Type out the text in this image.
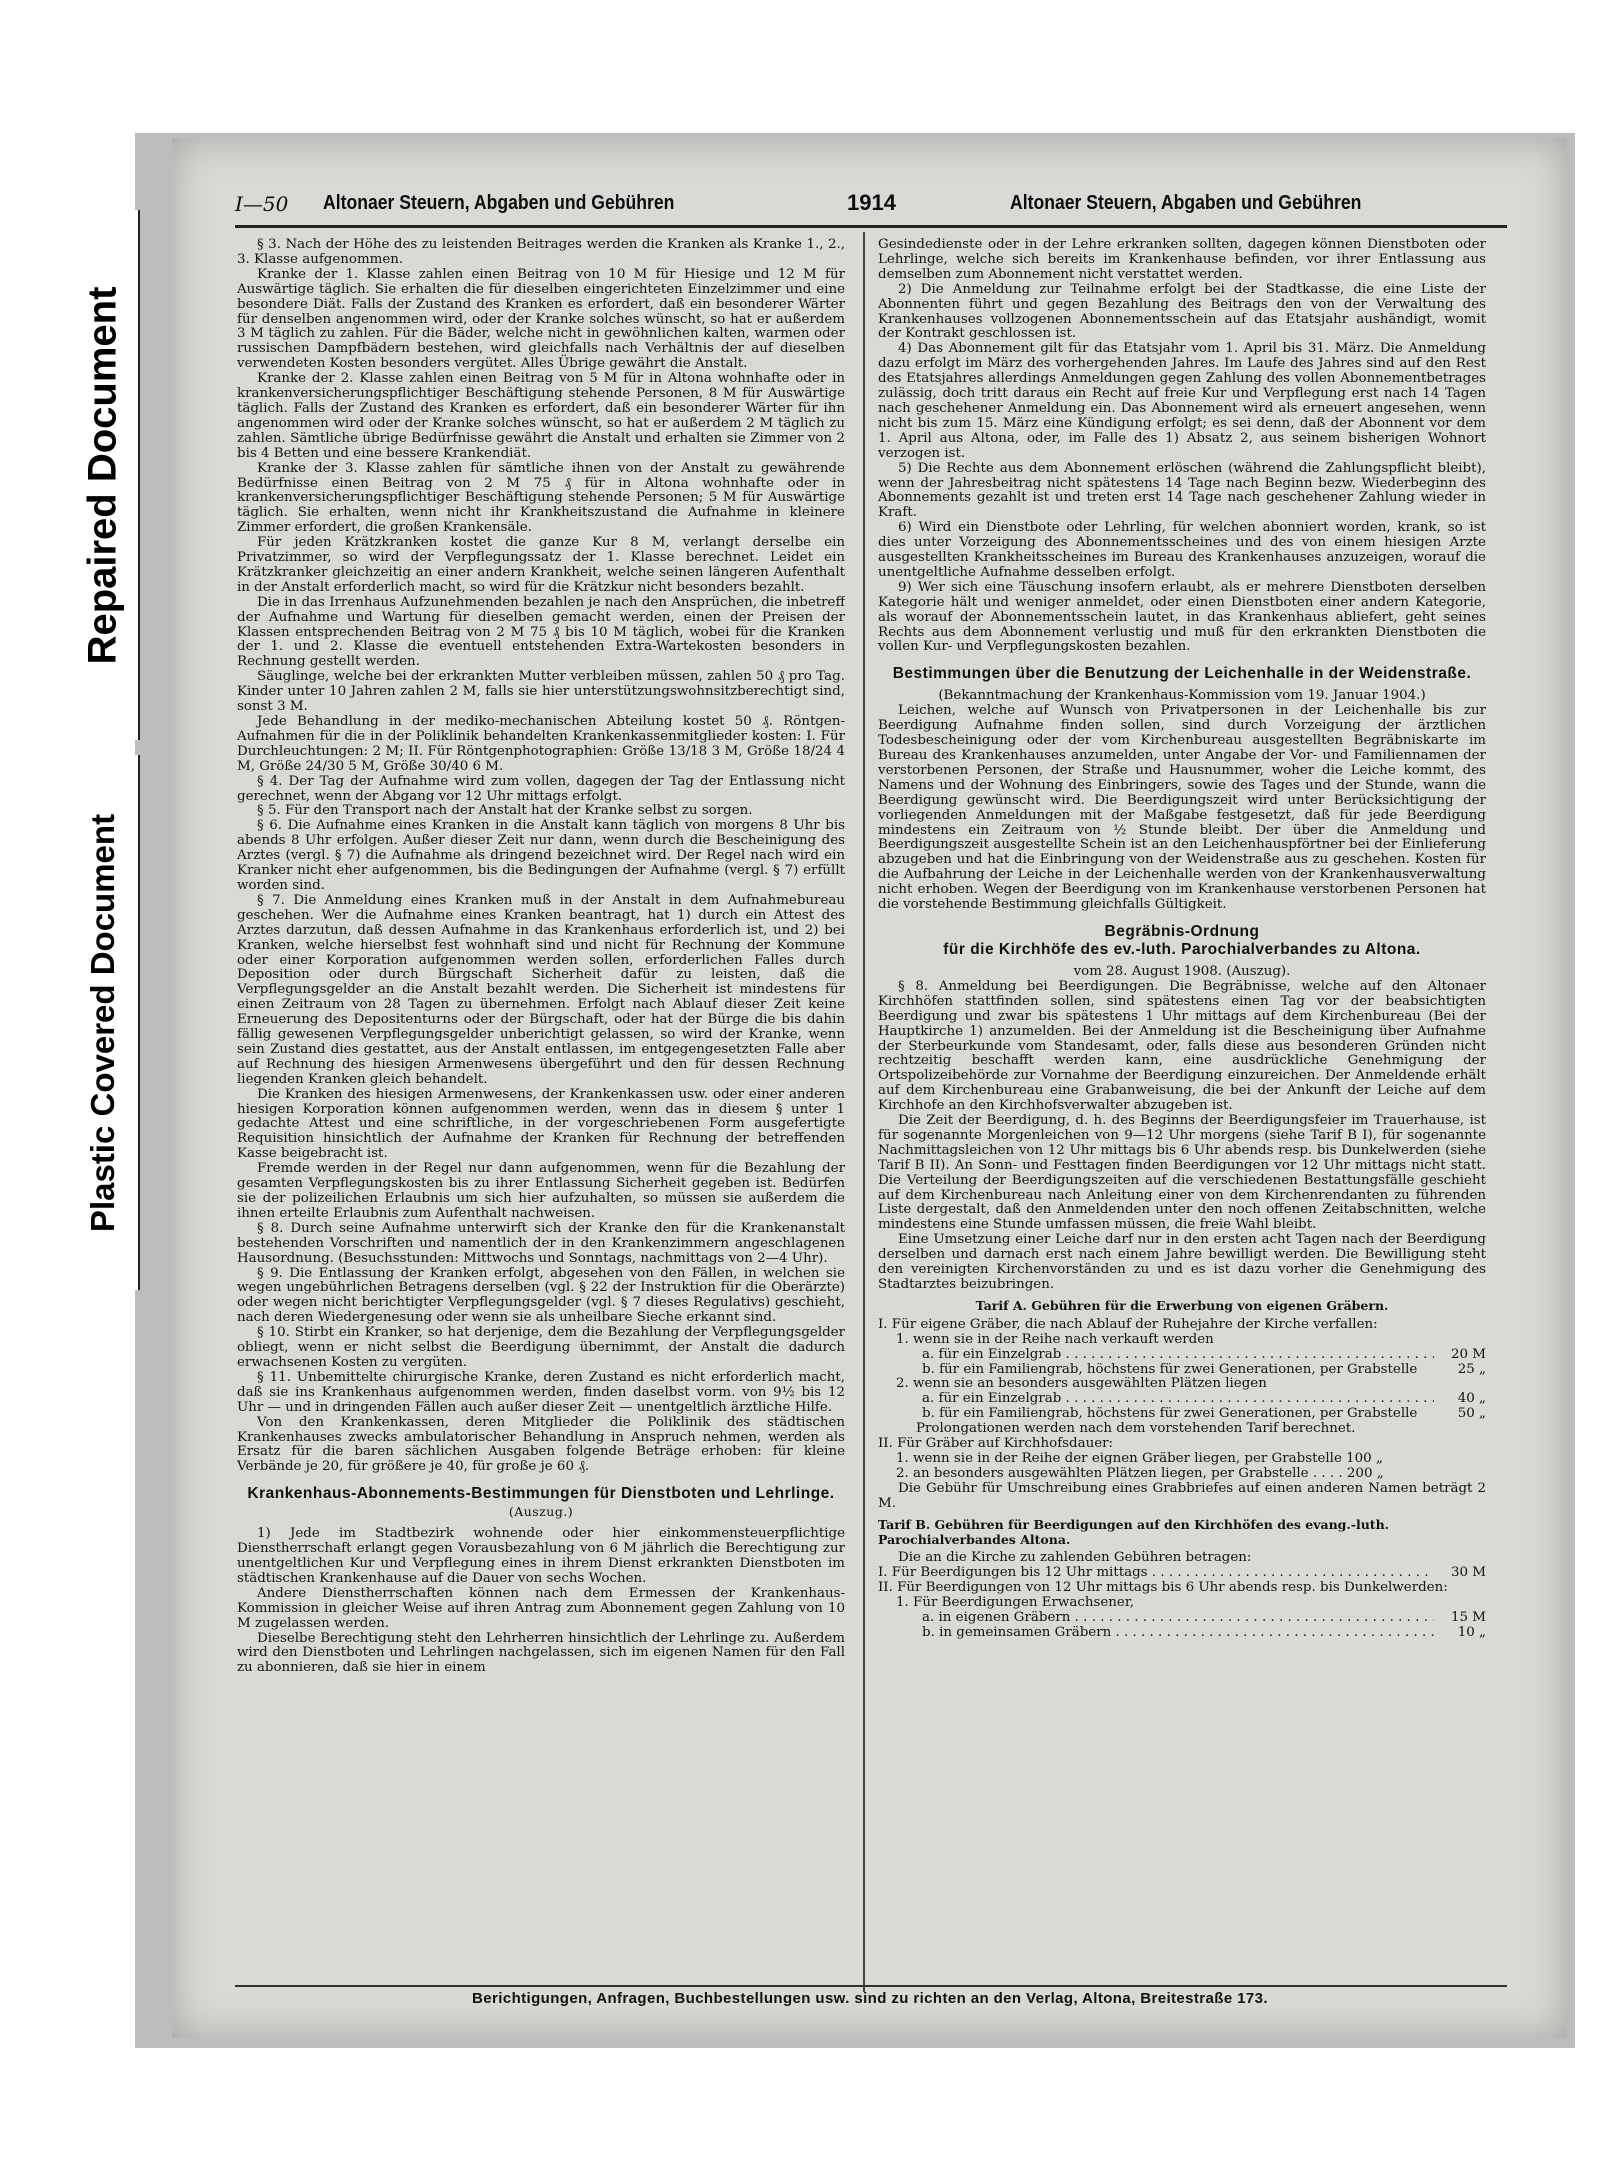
Repaired Document
Plastic Covered Document
I—50 Altonaer Steuern, Abgaben und Gebühren	1914	Altonaer Steuern, Abgaben und Gebühren

§ 3. Nach der Höhe des zu leistenden Beitrages werden die Kranken als Kranke 1., 2., 3. Klasse aufgenommen.

Kranke der 1. Klasse zahlen einen Beitrag von 10 M für Hiesige und 12 M für Auswärtige täglich. Sie erhalten die für dieselben eingerichteten Einzelzimmer und eine besondere Diät. Falls der Zustand des Kranken es erfordert, daß ein besonderer Wärter für denselben angenommen wird, oder der Kranke solches wünscht, so hat er außerdem 3 M täglich zu zahlen. Für die Bäder, welche nicht in gewöhnlichen kalten, warmen oder russischen Dampfbädern bestehen, wird gleichfalls nach Verhältnis der auf dieselben verwendeten Kosten besonders vergütet. Alles Übrige gewährt die Anstalt.

Kranke der 2. Klasse zahlen einen Beitrag von 5 M für in Altona wohnhafte oder in krankenversicherungspflichtiger Beschäftigung stehende Personen, 8 M für Auswärtige täglich. Falls der Zustand des Kranken es erfordert, daß ein besonderer Wärter für ihn angenommen wird oder der Kranke solches wünscht, so hat er außerdem 2 M täglich zu zahlen. Sämtliche übrige Bedürfnisse gewährt die Anstalt und erhalten sie Zimmer von 2 bis 4 Betten und eine bessere Krankendiät.

Kranke der 3. Klasse zahlen für sämtliche ihnen von der Anstalt zu gewährende Bedürfnisse einen Beitrag von 2 M 75 ₰ für in Altona wohnhafte oder in krankenversicherungspflichtiger Beschäftigung stehende Personen; 5 M für Auswärtige täglich. Sie erhalten, wenn nicht ihr Krankheitszustand die Aufnahme in kleinere Zimmer erfordert, die großen Krankensäle.

Für jeden Krätzkranken kostet die ganze Kur 8 M, verlangt derselbe ein Privatzimmer, so wird der Verpflegungssatz der 1. Klasse berechnet. Leidet ein Krätzkranker gleichzeitig an einer andern Krankheit, welche seinen längeren Aufenthalt in der Anstalt erforderlich macht, so wird für die Krätzkur nicht besonders bezahlt.

Die in das Irrenhaus Aufzunehmenden bezahlen je nach den Ansprüchen, die inbetreff der Aufnahme und Wartung für dieselben gemacht werden, einen der Preisen der Klassen entsprechenden Beitrag von 2 M 75 ₰ bis 10 M täglich, wobei für die Kranken der 1. und 2. Klasse die eventuell entstehenden Extra-Wartekosten besonders in Rechnung gestellt werden.

Säuglinge, welche bei der erkrankten Mutter verbleiben müssen, zahlen 50 ₰ pro Tag. Kinder unter 10 Jahren zahlen 2 M, falls sie hier unterstützungswohnsitzberechtigt sind, sonst 3 M.

Jede Behandlung in der mediko-mechanischen Abteilung kostet 50 ₰. Röntgen-Aufnahmen für die in der Poliklinik behandelten Krankenkassenmitglieder kosten: I. Für Durchleuchtungen: 2 M; II. Für Röntgenphotographien: Größe 13/18 3 M, Größe 18/24 4 M, Größe 24/30 5 M, Größe 30/40 6 M.

§ 4. Der Tag der Aufnahme wird zum vollen, dagegen der Tag der Entlassung nicht gerechnet, wenn der Abgang vor 12 Uhr mittags erfolgt.

§ 5. Für den Transport nach der Anstalt hat der Kranke selbst zu sorgen.

§ 6. Die Aufnahme eines Kranken in die Anstalt kann täglich von morgens 8 Uhr bis abends 8 Uhr erfolgen. Außer dieser Zeit nur dann, wenn durch die Bescheinigung des Arztes (vergl. § 7) die Aufnahme als dringend bezeichnet wird. Der Regel nach wird ein Kranker nicht eher aufgenommen, bis die Bedingungen der Aufnahme (vergl. § 7) erfüllt worden sind.

§ 7. Die Anmeldung eines Kranken muß in der Anstalt in dem Aufnahmebureau geschehen. Wer die Aufnahme eines Kranken beantragt, hat 1) durch ein Attest des Arztes darzutun, daß dessen Aufnahme in das Krankenhaus erforderlich ist, und 2) bei Kranken, welche hierselbst fest wohnhaft sind und nicht für Rechnung der Kommune oder einer Korporation aufgenommen werden sollen, erforderlichen Falles durch Deposition oder durch Bürgschaft Sicherheit dafür zu leisten, daß die Verpflegungsgelder an die Anstalt bezahlt werden. Die Sicherheit ist mindestens für einen Zeitraum von 28 Tagen zu übernehmen. Erfolgt nach Ablauf dieser Zeit keine Erneuerung des Depositenturns oder der Bürgschaft, oder hat der Bürge die bis dahin fällig gewesenen Verpflegungsgelder unberichtigt gelassen, so wird der Kranke, wenn sein Zustand dies gestattet, aus der Anstalt entlassen, im entgegengesetzten Falle aber auf Rechnung des hiesigen Armenwesens übergeführt und den für dessen Rechnung liegenden Kranken gleich behandelt.

Die Kranken des hiesigen Armenwesens, der Krankenkassen usw. oder einer anderen hiesigen Korporation können aufgenommen werden, wenn das in diesem § unter 1 gedachte Attest und eine schriftliche, in der vorgeschriebenen Form ausgefertigte Requisition hinsichtlich der Aufnahme der Kranken für Rechnung der betreffenden Kasse beigebracht ist.

Fremde werden in der Regel nur dann aufgenommen, wenn für die Bezahlung der gesamten Verpflegungskosten bis zu ihrer Entlassung Sicherheit gegeben ist. Bedürfen sie der polizeilichen Erlaubnis um sich hier aufzuhalten, so müssen sie außerdem die ihnen erteilte Erlaubnis zum Aufenthalt nachweisen.

§ 8. Durch seine Aufnahme unterwirft sich der Kranke den für die Krankenanstalt bestehenden Vorschriften und namentlich der in den Krankenzimmern angeschlagenen Hausordnung. (Besuchsstunden: Mittwochs und Sonntags, nachmittags von 2—4 Uhr).

§ 9. Die Entlassung der Kranken erfolgt, abgesehen von den Fällen, in welchen sie wegen ungebührlichen Betragens derselben (vgl. § 22 der Instruktion für die Oberärzte) oder wegen nicht berichtigter Verpflegungsgelder (vgl. § 7 dieses Regulativs) geschieht, nach deren Wiedergenesung oder wenn sie als unheilbare Sieche erkannt sind.

§ 10. Stirbt ein Kranker, so hat derjenige, dem die Bezahlung der Verpflegungsgelder obliegt, wenn er nicht selbst die Beerdigung übernimmt, der Anstalt die dadurch erwachsenen Kosten zu vergüten.

§ 11. Unbemittelte chirurgische Kranke, deren Zustand es nicht erforderlich macht, daß sie ins Krankenhaus aufgenommen werden, finden daselbst vorm. von 9½ bis 12 Uhr — und in dringenden Fällen auch außer dieser Zeit — unentgeltlich ärztliche Hilfe.

Von den Krankenkassen, deren Mitglieder die Poliklinik des städtischen Krankenhauses zwecks ambulatorischer Behandlung in Anspruch nehmen, werden als Ersatz für die baren sächlichen Ausgaben folgende Beträge erhoben: für kleine Verbände je 20, für größere je 40, für große je 60 ₰.

Krankenhaus-Abonnements-Bestimmungen für Dienstboten und Lehrlinge. (Auszug.)

1) Jede im Stadtbezirk wohnende oder hier einkommensteuerpflichtige Dienstherrschaft erlangt gegen Vorausbezahlung von 6 M jährlich die Berechtigung zur unentgeltlichen Kur und Verpflegung eines in ihrem Dienst erkrankten Dienstboten im städtischen Krankenhause auf die Dauer von sechs Wochen.

Andere Dienstherrschaften können nach dem Ermessen der Krankenhaus-Kommission in gleicher Weise auf ihren Antrag zum Abonnement gegen Zahlung von 10 M zugelassen werden.

Dieselbe Berechtigung steht den Lehrherren hinsichtlich der Lehrlinge zu. Außerdem wird den Dienstboten und Lehrlingen nachgelassen, sich im eigenen Namen für den Fall zu abonnieren, daß sie hier in einem

Gesindedienste oder in der Lehre erkranken sollten, dagegen können Dienstboten oder Lehrlinge, welche sich bereits im Krankenhause befinden, vor ihrer Entlassung aus demselben zum Abonnement nicht verstattet werden.

2) Die Anmeldung zur Teilnahme erfolgt bei der Stadtkasse, die eine Liste der Abonnenten führt und gegen Bezahlung des Beitrags den von der Verwaltung des Krankenhauses vollzogenen Abonnementsschein auf das Etatsjahr aushändigt, womit der Kontrakt geschlossen ist.

4) Das Abonnement gilt für das Etatsjahr vom 1. April bis 31. März. Die Anmeldung dazu erfolgt im März des vorhergehenden Jahres. Im Laufe des Jahres sind auf den Rest des Etatsjahres allerdings Anmeldungen gegen Zahlung des vollen Abonnementbetrages zulässig, doch tritt daraus ein Recht auf freie Kur und Verpflegung erst nach 14 Tagen nach geschehener Anmeldung ein. Das Abonnement wird als erneuert angesehen, wenn nicht bis zum 15. März eine Kündigung erfolgt; es sei denn, daß der Abonnent vor dem 1. April aus Altona, oder, im Falle des 1) Absatz 2, aus seinem bisherigen Wohnort verzogen ist.

5) Die Rechte aus dem Abonnement erlöschen (während die Zahlungspflicht bleibt), wenn der Jahresbeitrag nicht spätestens 14 Tage nach Beginn bezw. Wiederbeginn des Abonnements gezahlt ist und treten erst 14 Tage nach geschehener Zahlung wieder in Kraft.

6) Wird ein Dienstbote oder Lehrling, für welchen abonniert worden, krank, so ist dies unter Vorzeigung des Abonnementsscheines und des von einem hiesigen Arzte ausgestellten Krankheitsscheines im Bureau des Krankenhauses anzuzeigen, worauf die unentgeltliche Aufnahme desselben erfolgt.

9) Wer sich eine Täuschung insofern erlaubt, als er mehrere Dienstboten derselben Kategorie hält und weniger anmeldet, oder einen Dienstboten einer andern Kategorie, als worauf der Abonnementsschein lautet, in das Krankenhaus abliefert, geht seines Rechts aus dem Abonnement verlustig und muß für den erkrankten Dienstboten die vollen Kur- und Verpflegungskosten bezahlen.

Bestimmungen über die Benutzung der Leichenhalle in der Weidenstraße.

(Bekanntmachung der Krankenhaus-Kommission vom 19. Januar 1904.)

Leichen, welche auf Wunsch von Privatpersonen in der Leichenhalle bis zur Beerdigung Aufnahme finden sollen, sind durch Vorzeigung der ärztlichen Todesbescheinigung oder der vom Kirchenbureau ausgestellten Begräbniskarte im Bureau des Krankenhauses anzumelden, unter Angabe der Vor- und Familiennamen der verstorbenen Personen, der Straße und Hausnummer, woher die Leiche kommt, des Namens und der Wohnung des Einbringers, sowie des Tages und der Stunde, wann die Beerdigung gewünscht wird. Die Beerdigungszeit wird unter Berücksichtigung der vorliegenden Anmeldungen mit der Maßgabe festgesetzt, daß für jede Beerdigung mindestens ein Zeitraum von ½ Stunde bleibt. Der über die Anmeldung und Beerdigungszeit ausgestellte Schein ist an den Leichenhauspförtner bei der Einlieferung abzugeben und hat die Einbringung von der Weidenstraße aus zu geschehen. Kosten für die Aufbahrung der Leiche in der Leichenhalle werden von der Krankenhausverwaltung nicht erhoben. Wegen der Beerdigung von im Krankenhause verstorbenen Personen hat die vorstehende Bestimmung gleichfalls Gültigkeit.

Begräbnis-Ordnung
für die Kirchhöfe des ev.-luth. Parochialverbandes zu Altona.

vom 28. August 1908. (Auszug).

§ 8. Anmeldung bei Beerdigungen. Die Begräbnisse, welche auf den Altonaer Kirchhöfen stattfinden sollen, sind spätestens einen Tag vor der beabsichtigten Beerdigung und zwar bis spätestens 1 Uhr mittags auf dem Kirchenbureau (Bei der Hauptkirche 1) anzumelden. Bei der Anmeldung ist die Bescheinigung über Aufnahme der Sterbeurkunde vom Standesamt, oder, falls diese aus besonderen Gründen nicht rechtzeitig beschafft werden kann, eine ausdrückliche Genehmigung der Ortspolizeibehörde zur Vornahme der Beerdigung einzureichen. Der Anmeldende erhält auf dem Kirchenbureau eine Grabanweisung, die bei der Ankunft der Leiche auf dem Kirchhofe an den Kirchhofsverwalter abzugeben ist.

Die Zeit der Beerdigung, d. h. des Beginns der Beerdigungsfeier im Trauerhause, ist für sogenannte Morgenleichen von 9—12 Uhr morgens (siehe Tarif B I), für sogenannte Nachmittagsleichen von 12 Uhr mittags bis 6 Uhr abends resp. bis Dunkelwerden (siehe Tarif B II). An Sonn- und Festtagen finden Beerdigungen vor 12 Uhr mittags nicht statt. Die Verteilung der Beerdigungszeiten auf die verschiedenen Bestattungsfälle geschieht auf dem Kirchenbureau nach Anleitung einer von dem Kirchenrendanten zu führenden Liste dergestalt, daß den Anmeldenden unter den noch offenen Zeitabschnitten, welche mindestens eine Stunde umfassen müssen, die freie Wahl bleibt.

Eine Umsetzung einer Leiche darf nur in den ersten acht Tagen nach der Beerdigung derselben und darnach erst nach einem Jahre bewilligt werden. Die Bewilligung steht den vereinigten Kirchenvorständen zu und es ist dazu vorher die Genehmigung des Stadtarztes beizubringen.

Tarif A. Gebühren für die Erwerbung von eigenen Gräbern.

I. Für eigene Gräber, die nach Ablauf der Ruhejahre der Kirche verfallen:

1. wenn sie in der Reihe nach verkauft werden

a. für ein Einzelgrab . . .	20 M
b. für ein Familiengrab, höchstens für zwei Generationen, per Grabstelle	25 „

2. wenn sie an besonders ausgewählten Plätzen liegen

a. für ein Einzelgrab . . .	40 „
b. für ein Familiengrab, höchstens für zwei Generationen, per Grabstelle	50 „

Prolongationen werden nach dem vorstehenden Tarif berechnet.

II. Für Gräber auf Kirchhofsdauer:

1. wenn sie in der Reihe der eignen Gräber liegen, per Grabstelle 100 „

2. an besonders ausgewählten Plätzen liegen, per Grabstelle . . . . 200 „

Die Gebühr für Umschreibung eines Grabbriefes auf einen anderen Namen beträgt 2 M.

Tarif B. Gebühren für Beerdigungen auf den Kirchhöfen des evang.-luth. Parochialverbandes Altona.

Die an die Kirche zu zahlenden Gebühren betragen:

I. Für Beerdigungen bis 12 Uhr mittags . . .	30 M

II. Für Beerdigungen von 12 Uhr mittags bis 6 Uhr abends resp. bis Dunkelwerden:

1. Für Beerdigungen Erwachsener,

a. in eigenen Gräbern . . .	15 M
b. in gemeinsamen Gräbern . . .	10 „
Berichtigungen, Anfragen, Buchbestellungen usw. sind zu richten an den Verlag, Altona, Breitestraße 173.
